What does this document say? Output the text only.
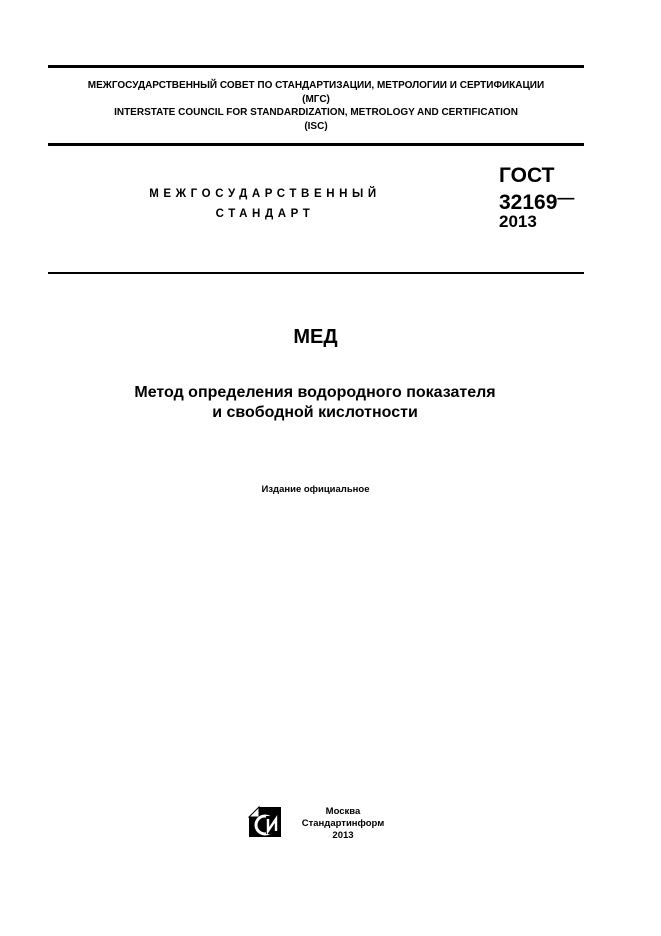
МЕЖГОСУДАРСТВЕННЫЙ СОВЕТ ПО СТАНДАРТИЗАЦИИ, МЕТРОЛОГИИ И СЕРТИФИКАЦИИ
(МГС)
INTERSTATE COUNCIL FOR STANDARDIZATION, METROLOGY AND CERTIFICATION
(ISC)
МЕЖГОСУДАРСТВЕННЫЙ
СТАНДАРТ
ГОСТ
32169—
2013
МЕД
Метод определения водородного показателя
и свободной кислотности
Издание официальное
Москва
Стандартинформ
2013
